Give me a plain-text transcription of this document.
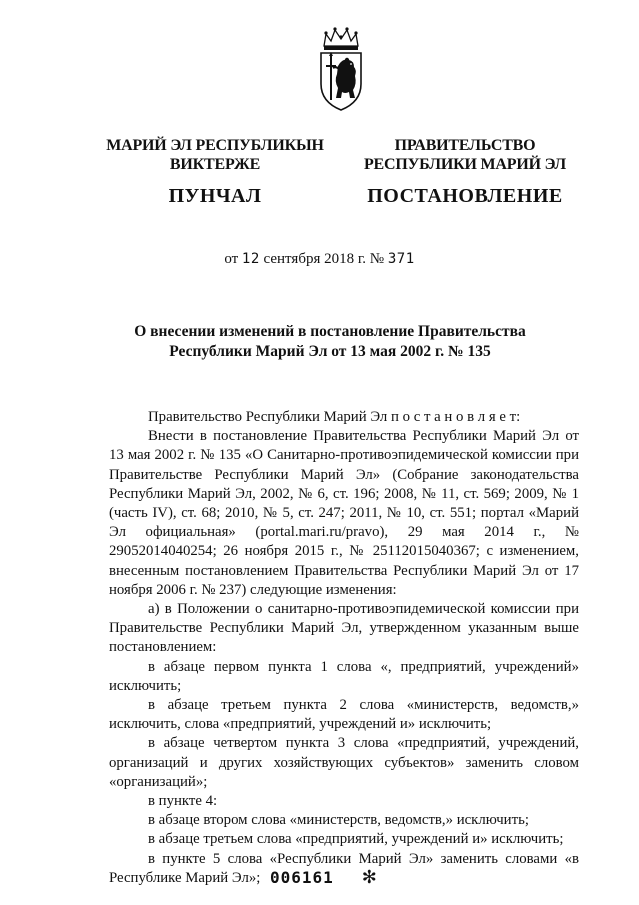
МАРИЙ ЭЛ РЕСПУБЛИКЫН
ВИКТЕРЖЕ
ПУНЧАЛ
ПРАВИТЕЛЬСТВО
РЕСПУБЛИКИ МАРИЙ ЭЛ
ПОСТАНОВЛЕНИЕ
от 12 сентября 2018 г. № 371
О внесении изменений в постановление Правительства
Республики Марий Эл от 13 мая 2002 г. № 135

Правительство Республики Марий Эл п о с т а н о в л я е т:

Внести в постановление Правительства Республики Марий Эл от 13 мая 2002 г. № 135 «О Санитарно-противоэпидемической комиссии при Правительстве Республики Марий Эл» (Собрание законодательства Республики Марий Эл, 2002, № 6, ст. 196; 2008, № 11, ст. 569; 2009, № 1 (часть IV), ст. 68; 2010, № 5, ст. 247; 2011, № 10, ст. 551; портал «Марий Эл официальная» (portal.mari.ru/pravo), 29 мая 2014 г., № 29052014040254; 26 ноября 2015 г., № 25112015040367; с изменением, внесенным постановлением Правительства Республики Марий Эл от 17 ноября 2006 г. № 237) следующие изменения:

а) в Положении о санитарно-противоэпидемической комиссии при Правительстве Республики Марий Эл, утвержденном указанным выше постановлением:

в абзаце первом пункта 1 слова «, предприятий, учреждений» исключить;

в абзаце третьем пункта 2 слова «министерств, ведомств,» исключить, слова «предприятий, учреждений и» исключить;

в абзаце четвертом пункта 3 слова «предприятий, учреждений, организаций и других хозяйствующих субъектов» заменить словом «организаций»;

в пункте 4:

в абзаце втором слова «министерств, ведомств,» исключить;

в абзаце третьем слова «предприятий, учреждений и» исключить;

в пункте 5 слова «Республики Марий Эл» заменить словами «в Республике Марий Эл»; 006161 ✻
